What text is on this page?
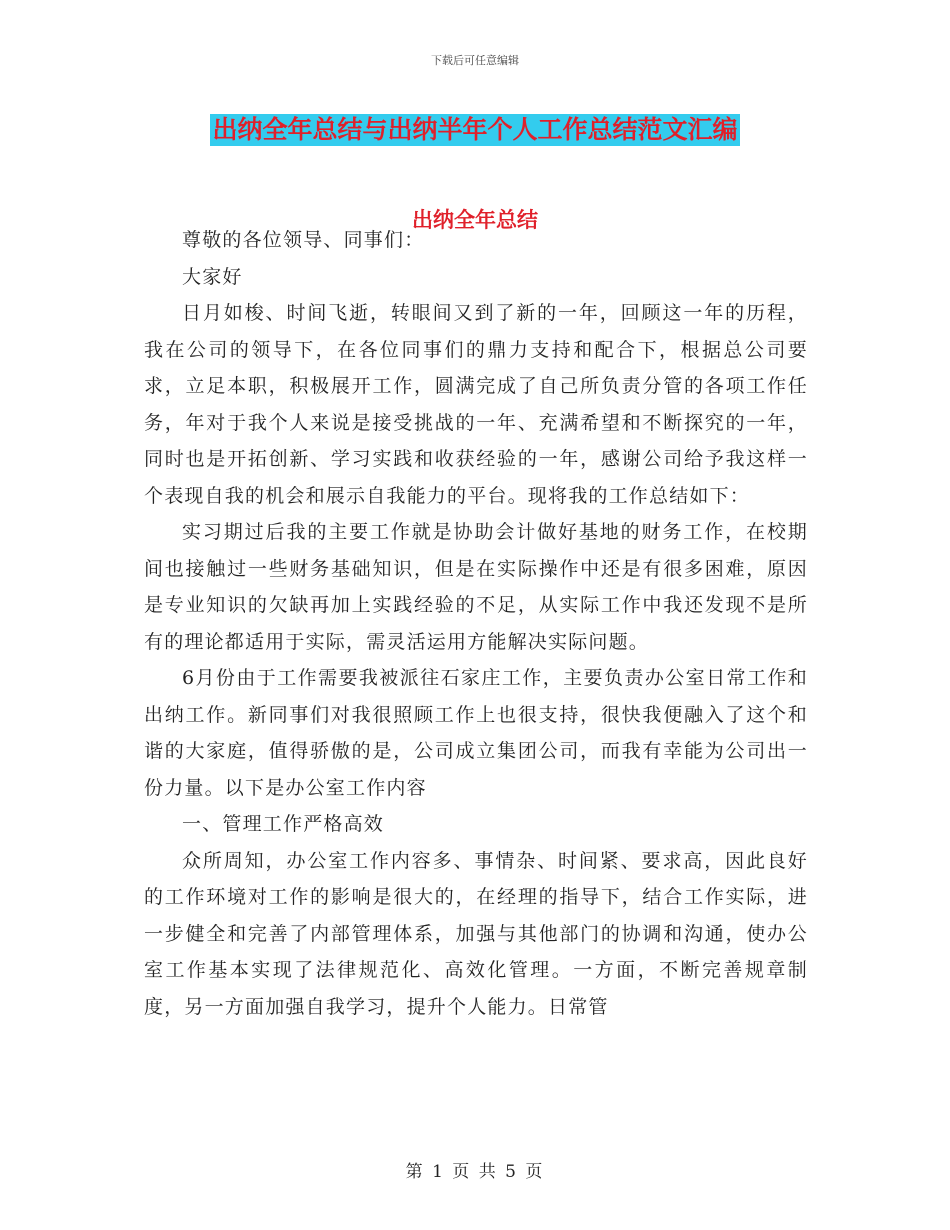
下载后可任意编辑
出纳全年总结与出纳半年个人工作总结范文汇编
出纳全年总结

尊敬的各位领导、同事们：

大家好

日月如梭、时间飞逝，转眼间又到了新的一年，回顾这一年的历程，我在公司的领导下，在各位同事们的鼎力支持和配合下，根据总公司要求，立足本职，积极展开工作，圆满完成了自己所负责分管的各项工作任务，年对于我个人来说是接受挑战的一年、充满希望和不断探究的一年，同时也是开拓创新、学习实践和收获经验的一年，感谢公司给予我这样一个表现自我的机会和展示自我能力的平台。现将我的工作总结如下：

实习期过后我的主要工作就是协助会计做好基地的财务工作，在校期间也接触过一些财务基础知识，但是在实际操作中还是有很多困难，原因是专业知识的欠缺再加上实践经验的不足，从实际工作中我还发现不是所有的理论都适用于实际，需灵活运用方能解决实际问题。

6月份由于工作需要我被派往石家庄工作，主要负责办公室日常工作和出纳工作。新同事们对我很照顾工作上也很支持，很快我便融入了这个和谐的大家庭，值得骄傲的是，公司成立集团公司，而我有幸能为公司出一份力量。以下是办公室工作内容

一、管理工作严格高效

众所周知，办公室工作内容多、事情杂、时间紧、要求高，因此良好的工作环境对工作的影响是很大的，在经理的指导下，结合工作实际，进一步健全和完善了内部管理体系，加强与其他部门的协调和沟通，使办公室工作基本实现了法律规范化、高效化管理。一方面，不断完善规章制度，另一方面加强自我学习，提升个人能力。日常管

第 1 页 共 5 页
